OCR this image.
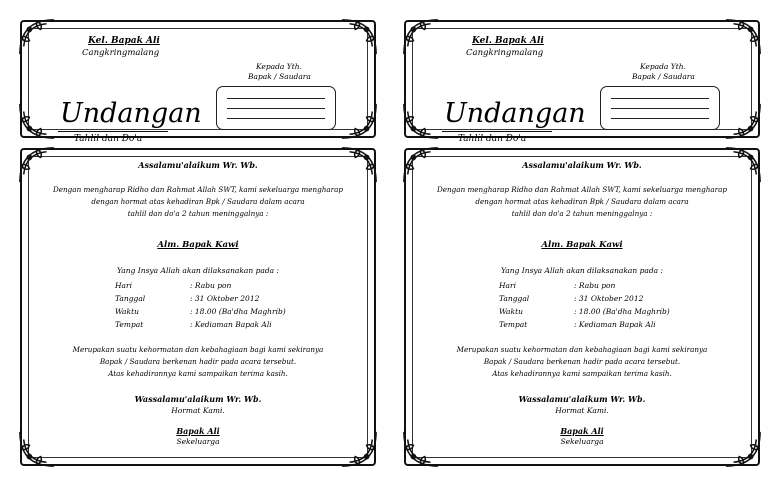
Kel. Bapak Ali
Cangkringmalang
Kepada Yth.
Bapak / Saudara
Undangan
Tahlil dan Do'a
Assalamu'alaikum Wr. Wb.
Dengan mengharap Ridho dan Rahmat Allah SWT, kami sekeluarga mengharap
dengan hormat atas kehadiran Bpk / Saudara dalam acara
tahlil dan do'a 2 tahun meninggalnya :
Alm. Bapak Kawi
Yang Insya Allah akan dilaksanakan pada :
Hari	: Rabu pon
Tanggal	: 31 Oktober 2012
Waktu	: 18.00 (Ba'dha Maghrib)
Tempat	: Kediaman Bapak Ali
Merupakan suatu kehormatan dan kebahagiaan bagi kami sekiranya
Bapak / Saudara berkenan hadir pada acara tersebut.
Atas kehadirannya kami sampaikan terima kasih.
Wassalamu'alaikum Wr. Wb.
Hormat Kami.
Bapak Ali
Sekeluarga
Kel. Bapak Ali
Cangkringmalang
Kepada Yth.
Bapak / Saudara
Undangan
Tahlil dan Do'a
Assalamu'alaikum Wr. Wb.
Dengan mengharap Ridho dan Rahmat Allah SWT, kami sekeluarga mengharap
dengan hormat atas kehadiran Bpk / Saudara dalam acara
tahlil dan do'a 2 tahun meninggalnya :
Alm. Bapak Kawi
Yang Insya Allah akan dilaksanakan pada :
Hari	: Rabu pon
Tanggal	: 31 Oktober 2012
Waktu	: 18.00 (Ba'dha Maghrib)
Tempat	: Kediaman Bapak Ali
Merupakan suatu kehormatan dan kebahagiaan bagi kami sekiranya
Bapak / Saudara berkenan hadir pada acara tersebut.
Atas kehadirannya kami sampaikan terima kasih.
Wassalamu'alaikum Wr. Wb.
Hormat Kami.
Bapak Ali
Sekeluarga
